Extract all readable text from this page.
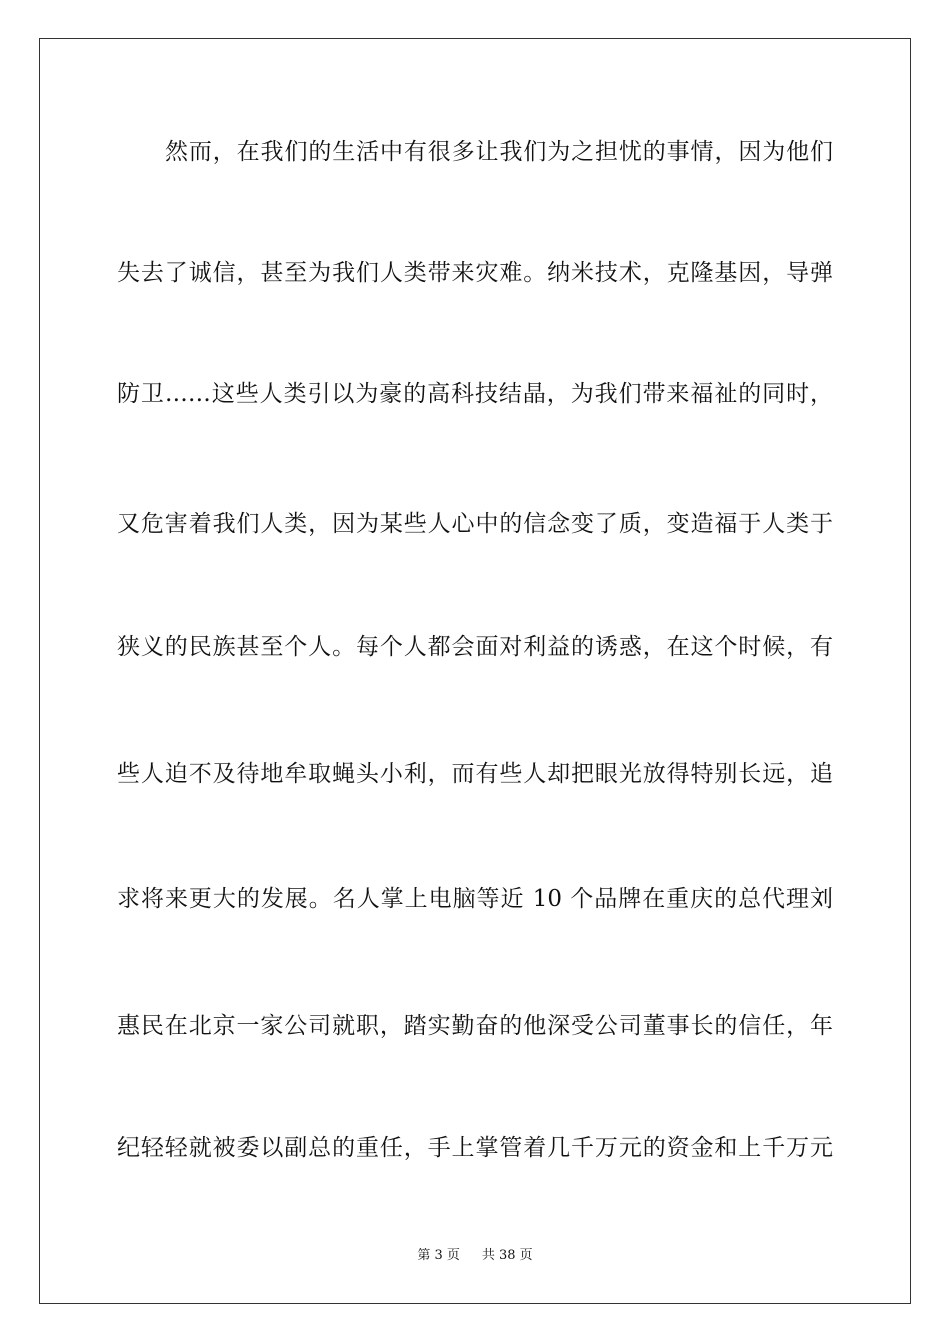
然而，在我们的生活中有很多让我们为之担忧的事情，因为他们
失去了诚信，甚至为我们人类带来灾难。纳米技术，克隆基因，导弹
防卫……这些人类引以为豪的高科技结晶，为我们带来福祉的同时，
又危害着我们人类，因为某些人心中的信念变了质，变造福于人类于
狭义的民族甚至个人。每个人都会面对利益的诱惑，在这个时候，有
些人迫不及待地牟取蝇头小利，而有些人却把眼光放得特别长远，追
求将来更大的发展。名人掌上电脑等近 10 个品牌在重庆的总代理刘
惠民在北京一家公司就职，踏实勤奋的他深受公司董事长的信任，年
纪轻轻就被委以副总的重任，手上掌管着几千万元的资金和上千万元
第 3 页 共 38 页
